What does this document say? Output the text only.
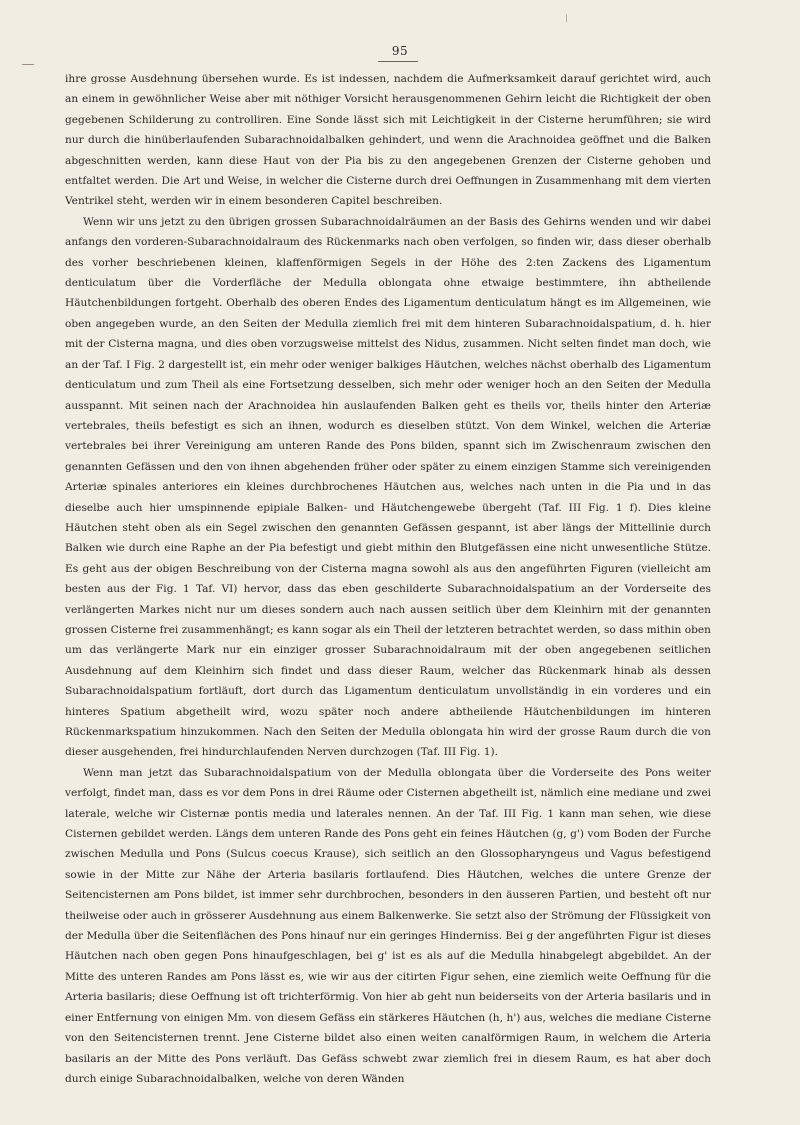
95

ihre grosse Ausdehnung übersehen wurde. Es ist indessen, nachdem die Aufmerksamkeit darauf gerichtet wird, auch an einem in gewöhnlicher Weise aber mit nöthiger Vorsicht herausgenommenen Gehirn leicht die Richtigkeit der oben gegebenen Schilderung zu controlliren. Eine Sonde lässt sich mit Leichtigkeit in der Cisterne herumführen; sie wird nur durch die hinüberlaufenden Subarachnoidalbalken gehindert, und wenn die Arachnoidea geöffnet und die Balken abgeschnitten werden, kann diese Haut von der Pia bis zu den angegebenen Grenzen der Cisterne gehoben und entfaltet werden. Die Art und Weise, in welcher die Cisterne durch drei Oeffnungen in Zusammenhang mit dem vierten Ventrikel steht, werden wir in einem besonderen Capitel beschreiben.

Wenn wir uns jetzt zu den übrigen grossen Subarachnoidalräumen an der Basis des Gehirns wenden und wir dabei anfangs den vorderen-Subarachnoidalraum des Rückenmarks nach oben verfolgen, so finden wir, dass dieser oberhalb des vorher beschriebenen kleinen, klaffenförmigen Segels in der Höhe des 2:ten Zackens des Ligamentum denticulatum über die Vorderfläche der Medulla oblongata ohne etwaige bestimmtere, ihn abtheilende Häutchenbildungen fortgeht. Oberhalb des oberen Endes des Ligamentum denticulatum hängt es im Allgemeinen, wie oben angegeben wurde, an den Seiten der Medulla ziemlich frei mit dem hinteren Subarachnoidalspatium, d. h. hier mit der Cisterna magna, und dies oben vorzugsweise mittelst des Nidus, zusammen. Nicht selten findet man doch, wie an der Taf. I Fig. 2 dargestellt ist, ein mehr oder weniger balkiges Häutchen, welches nächst oberhalb des Ligamentum denticulatum und zum Theil als eine Fortsetzung desselben, sich mehr oder weniger hoch an den Seiten der Medulla ausspannt. Mit seinen nach der Arachnoidea hin auslaufenden Balken geht es theils vor, theils hinter den Arteriæ vertebrales, theils befestigt es sich an ihnen, wodurch es dieselben stützt. Von dem Winkel, welchen die Arteriæ vertebrales bei ihrer Vereinigung am unteren Rande des Pons bilden, spannt sich im Zwischenraum zwischen den genannten Gefässen und den von ihnen abgehenden früher oder später zu einem einzigen Stamme sich vereinigenden Arteriæ spinales anteriores ein kleines durchbrochenes Häutchen aus, welches nach unten in die Pia und in das dieselbe auch hier umspinnende epipiale Balken- und Häutchengewebe übergeht (Taf. III Fig. 1 f). Dies kleine Häutchen steht oben als ein Segel zwischen den genannten Gefässen gespannt, ist aber längs der Mittellinie durch Balken wie durch eine Raphe an der Pia befestigt und giebt mithin den Blutgefässen eine nicht unwesentliche Stütze. Es geht aus der obigen Beschreibung von der Cisterna magna sowohl als aus den angeführten Figuren (vielleicht am besten aus der Fig. 1 Taf. VI) hervor, dass das eben geschilderte Subarachnoidalspatium an der Vorderseite des verlängerten Markes nicht nur um dieses sondern auch nach aussen seitlich über dem Kleinhirn mit der genannten grossen Cisterne frei zusammenhängt; es kann sogar als ein Theil der letzteren betrachtet werden, so dass mithin oben um das verlängerte Mark nur ein einziger grosser Subarachnoidalraum mit der oben angegebenen seitlichen Ausdehnung auf dem Kleinhirn sich findet und dass dieser Raum, welcher das Rückenmark hinab als dessen Subarachnoidalspatium fortläuft, dort durch das Ligamentum denticulatum unvollständig in ein vorderes und ein hinteres Spatium abgetheilt wird, wozu später noch andere abtheilende Häutchenbildungen im hinteren Rückenmarkspatium hinzukommen. Nach den Seiten der Medulla oblongata hin wird der grosse Raum durch die von dieser ausgehenden, frei hindurchlaufenden Nerven durchzogen (Taf. III Fig. 1).

Wenn man jetzt das Subarachnoidalspatium von der Medulla oblongata über die Vorderseite des Pons weiter verfolgt, findet man, dass es vor dem Pons in drei Räume oder Cisternen abgetheilt ist, nämlich eine mediane und zwei laterale, welche wir Cisternæ pontis media und laterales nennen. An der Taf. III Fig. 1 kann man sehen, wie diese Cisternen gebildet werden. Längs dem unteren Rande des Pons geht ein feines Häutchen (g, g') vom Boden der Furche zwischen Medulla und Pons (Sulcus coecus Krause), sich seitlich an den Glossopharyngeus und Vagus befestigend sowie in der Mitte zur Nähe der Arteria basilaris fortlaufend. Dies Häutchen, welches die untere Grenze der Seitencisternen am Pons bildet, ist immer sehr durchbrochen, besonders in den äusseren Partien, und besteht oft nur theilweise oder auch in grösserer Ausdehnung aus einem Balkenwerke. Sie setzt also der Strömung der Flüssigkeit von der Medulla über die Seitenflächen des Pons hinauf nur ein geringes Hinderniss. Bei g der angeführten Figur ist dieses Häutchen nach oben gegen Pons hinaufgeschlagen, bei g' ist es als auf die Medulla hinabgelegt abgebildet. An der Mitte des unteren Randes am Pons lässt es, wie wir aus der citirten Figur sehen, eine ziemlich weite Oeffnung für die Arteria basilaris; diese Oeffnung ist oft trichterförmig. Von hier ab geht nun beiderseits von der Arteria basilaris und in einer Entfernung von einigen Mm. von diesem Gefäss ein stärkeres Häutchen (h, h') aus, welches die mediane Cisterne von den Seitencisternen trennt. Jene Cisterne bildet also einen weiten canalförmigen Raum, in welchem die Arteria basilaris an der Mitte des Pons verläuft. Das Gefäss schwebt zwar ziemlich frei in diesem Raum, es hat aber doch durch einige Subarachnoidalbalken, welche von deren Wänden
